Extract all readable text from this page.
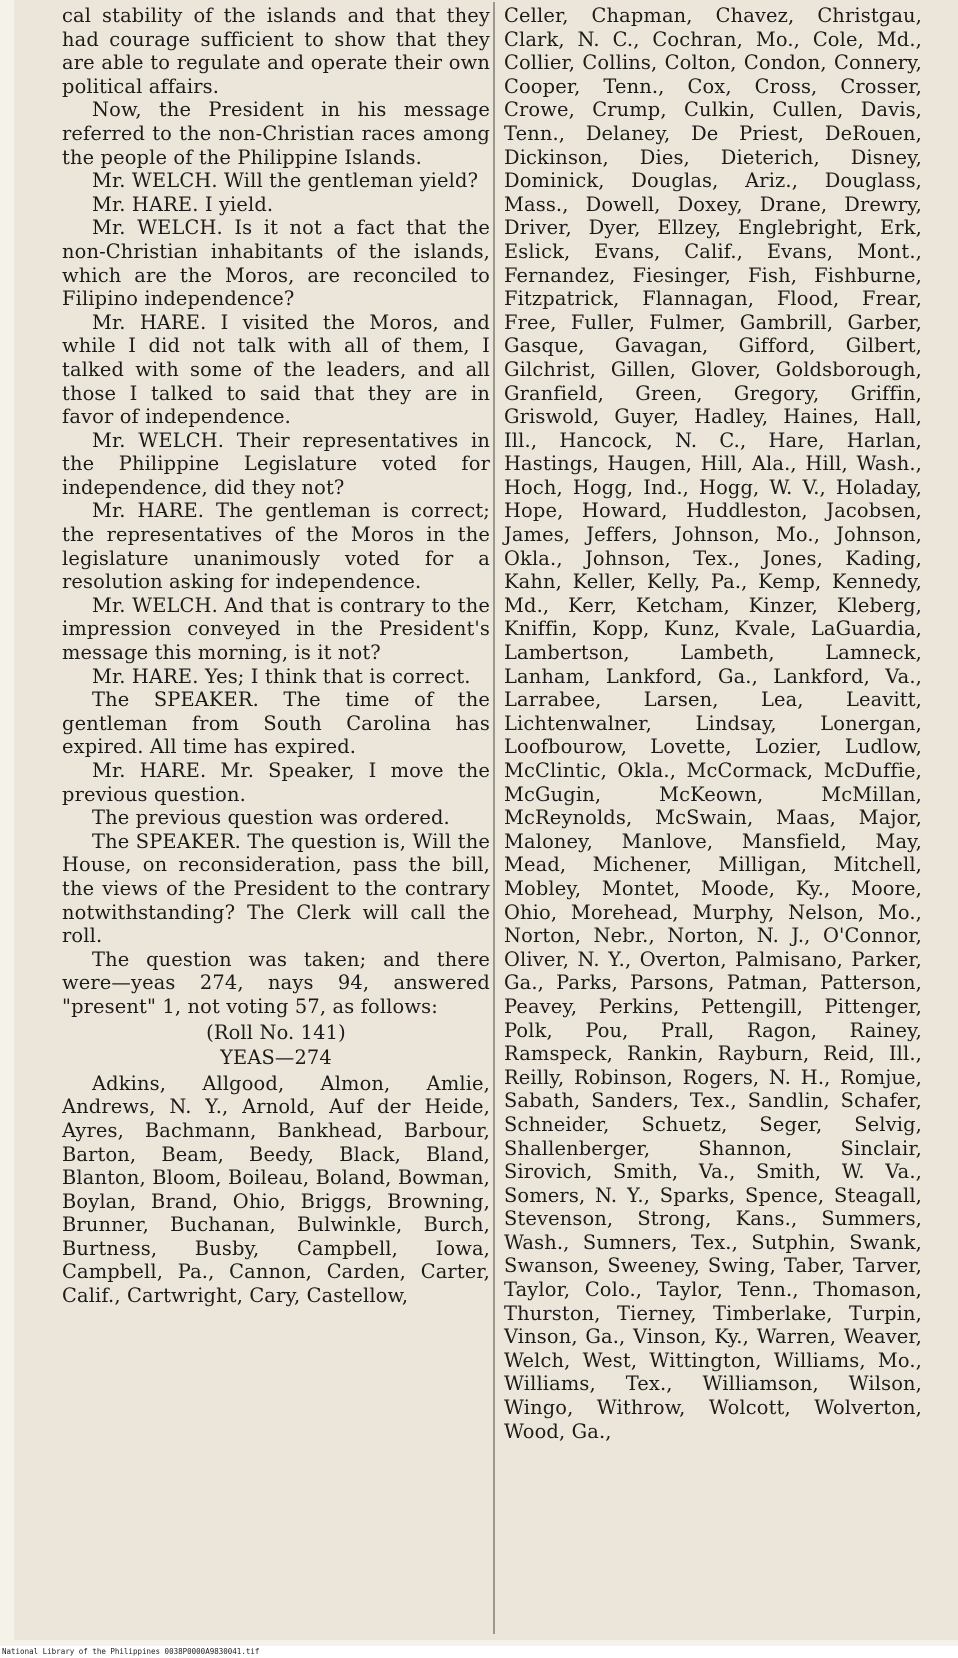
cal stability of the islands and that they had courage sufficient to show that they are able to regulate and operate their own political affairs.

Now, the President in his message referred to the non-Christian races among the people of the Philippine Islands.

Mr. WELCH. Will the gentleman yield?

Mr. HARE. I yield.

Mr. WELCH. Is it not a fact that the non-Christian inhabitants of the islands, which are the Moros, are reconciled to Filipino independence?

Mr. HARE. I visited the Moros, and while I did not talk with all of them, I talked with some of the leaders, and all those I talked to said that they are in favor of independence.

Mr. WELCH. Their representatives in the Philippine Legislature voted for independence, did they not?

Mr. HARE. The gentleman is correct; the representatives of the Moros in the legislature unanimously voted for a resolution asking for independence.

Mr. WELCH. And that is contrary to the impression conveyed in the President's message this morning, is it not?

Mr. HARE. Yes; I think that is correct.

The SPEAKER. The time of the gentleman from South Carolina has expired. All time has expired.

Mr. HARE. Mr. Speaker, I move the previous question.

The previous question was ordered.

The SPEAKER. The question is, Will the House, on reconsideration, pass the bill, the views of the President to the contrary notwithstanding? The Clerk will call the roll.

The question was taken; and there were—yeas 274, nays 94, answered "present" 1, not voting 57, as follows:

(Roll No. 141)

YEAS—274

Adkins, Allgood, Almon, Amlie, Andrews, N. Y., Arnold, Auf der Heide, Ayres, Bachmann, Bankhead, Barbour, Barton, Beam, Beedy, Black, Bland, Blanton, Bloom, Boileau, Boland, Bowman, Boylan, Brand, Ohio, Briggs, Browning, Brunner, Buchanan, Bulwinkle, Burch, Burtness, Busby, Campbell, Iowa, Campbell, Pa., Cannon, Carden, Carter, Calif., Cartwright, Cary, Castellow,

Celler, Chapman, Chavez, Christgau, Clark, N. C., Cochran, Mo., Cole, Md., Collier, Collins, Colton, Condon, Connery, Cooper, Tenn., Cox, Cross, Crosser, Crowe, Crump, Culkin, Cullen, Davis, Tenn., Delaney, De Priest, DeRouen, Dickinson, Dies, Dieterich, Disney, Dominick, Douglas, Ariz., Douglass, Mass., Dowell, Doxey, Drane, Drewry, Driver, Dyer, Ellzey, Englebright, Erk, Eslick, Evans, Calif., Evans, Mont., Fernandez, Fiesinger, Fish, Fishburne, Fitzpatrick, Flannagan, Flood, Frear, Free, Fuller, Fulmer, Gambrill, Garber, Gasque, Gavagan, Gifford, Gilbert, Gilchrist, Gillen, Glover, Goldsborough, Granfield, Green, Gregory, Griffin, Griswold, Guyer, Hadley, Haines, Hall, Ill., Hancock, N. C., Hare, Harlan, Hastings, Haugen, Hill, Ala., Hill, Wash., Hoch, Hogg, Ind., Hogg, W. V., Holaday, Hope, Howard, Huddleston, Jacobsen, James, Jeffers, Johnson, Mo., Johnson, Okla., Johnson, Tex., Jones, Kading, Kahn, Keller, Kelly, Pa., Kemp, Kennedy, Md., Kerr, Ketcham, Kinzer, Kleberg, Kniffin, Kopp, Kunz, Kvale, LaGuardia, Lambertson, Lambeth, Lamneck, Lanham, Lankford, Ga., Lankford, Va., Larrabee, Larsen, Lea, Leavitt, Lichtenwalner, Lindsay, Lonergan, Loofbourow, Lovette, Lozier, Ludlow, McClintic, Okla., McCormack, McDuffie, McGugin, McKeown, McMillan, McReynolds, McSwain, Maas, Major, Maloney, Manlove, Mansfield, May, Mead, Michener, Milligan, Mitchell, Mobley, Montet, Moode, Ky., Moore, Ohio, Morehead, Murphy, Nelson, Mo., Norton, Nebr., Norton, N. J., O'Connor, Oliver, N. Y., Overton, Palmisano, Parker, Ga., Parks, Parsons, Patman, Patterson, Peavey, Perkins, Pettengill, Pittenger, Polk, Pou, Prall, Ragon, Rainey, Ramspeck, Rankin, Rayburn, Reid, Ill., Reilly, Robinson, Rogers, N. H., Romjue, Sabath, Sanders, Tex., Sandlin, Schafer, Schneider, Schuetz, Seger, Selvig, Shallenberger, Shannon, Sinclair, Sirovich, Smith, Va., Smith, W. Va., Somers, N. Y., Sparks, Spence, Steagall, Stevenson, Strong, Kans., Summers, Wash., Sumners, Tex., Sutphin, Swank, Swanson, Sweeney, Swing, Taber, Tarver, Taylor, Colo., Taylor, Tenn., Thomason, Thurston, Tierney, Timberlake, Turpin, Vinson, Ga., Vinson, Ky., Warren, Weaver, Welch, West, Wittington, Williams, Mo., Williams, Tex., Williamson, Wilson, Wingo, Withrow, Wolcott, Wolverton, Wood, Ga.,

National Library of the Philippines 0038P0000A9830041.tif
